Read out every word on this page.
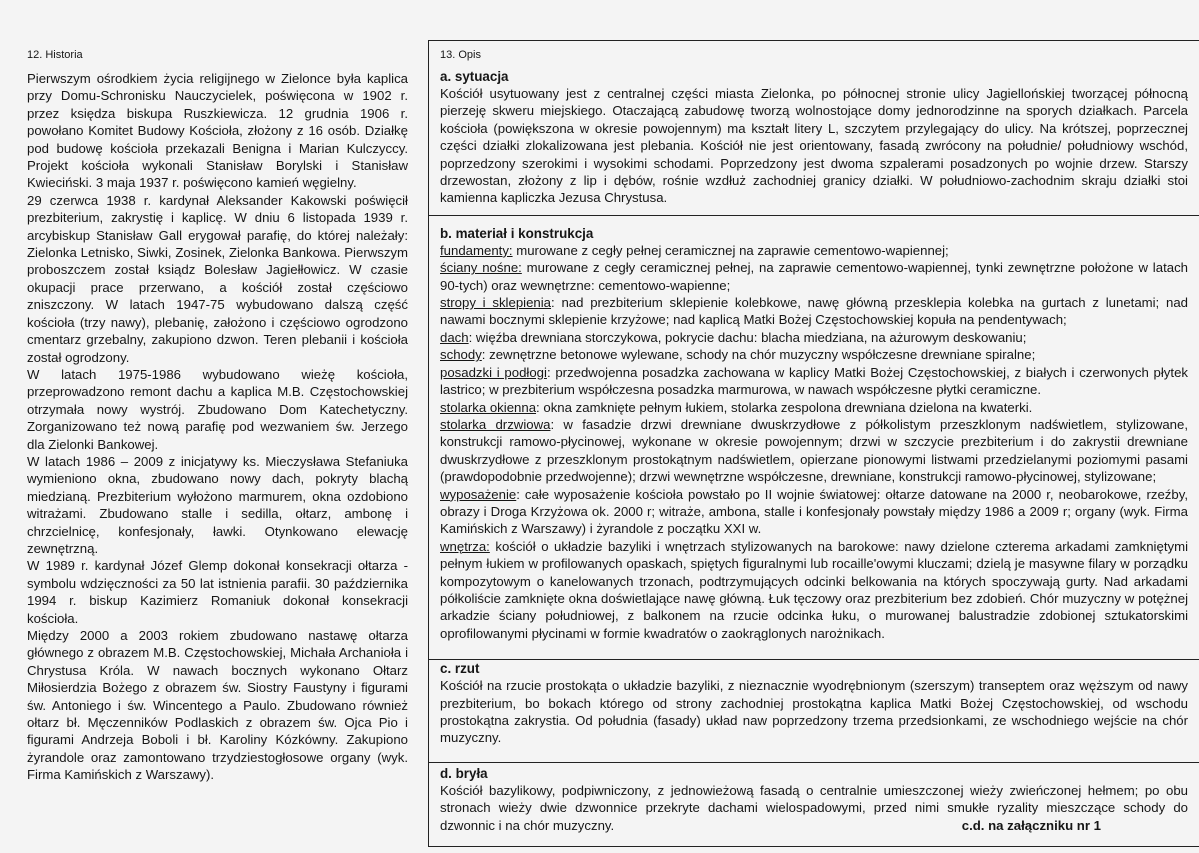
12. Historia

Pierwszym ośrodkiem życia religijnego w Zielonce była kaplica przy Domu-Schronisku Nauczycielek, poświęcona w 1902 r. przez księdza biskupa Ruszkiewicza. 12 grudnia 1906 r. powołano Komitet Budowy Kościoła, złożony z 16 osób. Działkę pod budowę kościoła przekazali Benigna i Marian Kulczyccy. Projekt kościoła wykonali Stanisław Borylski i Stanisław Kwieciński. 3 maja 1937 r. poświęcono kamień węgielny.

29 czerwca 1938 r. kardynał Aleksander Kakowski poświęcił prezbiterium, zakrystię i kaplicę. W dniu 6 listopada 1939 r. arcybiskup Stanisław Gall erygował parafię, do której należały: Zielonka Letnisko, Siwki, Zosinek, Zielonka Bankowa. Pierwszym proboszczem został ksiądz Bolesław Jagiełłowicz. W czasie okupacji prace przerwano, a kościół został częściowo zniszczony. W latach 1947-75 wybudowano dalszą część kościoła (trzy nawy), plebanię, założono i częściowo ogrodzono cmentarz grzebalny, zakupiono dzwon. Teren plebanii i kościoła został ogrodzony.

W latach 1975-1986 wybudowano wieżę kościoła, przeprowadzono remont dachu a kaplica M.B. Częstochowskiej otrzymała nowy wystrój. Zbudowano Dom Katechetyczny. Zorganizowano też nową parafię pod wezwaniem św. Jerzego dla Zielonki Bankowej.

W latach 1986 – 2009 z inicjatywy ks. Mieczysława Stefaniuka wymieniono okna, zbudowano nowy dach, pokryty blachą miedzianą. Prezbiterium wyłożono marmurem, okna ozdobiono witrażami. Zbudowano stalle i sedilla, ołtarz, ambonę i chrzcielnicę, konfesjonały, ławki. Otynkowano elewację zewnętrzną.

W 1989 r. kardynał Józef Glemp dokonał konsekracji ołtarza - symbolu wdzięczności za 50 lat istnienia parafii. 30 października 1994 r. biskup Kazimierz Romaniuk dokonał konsekracji kościoła.

Między 2000 a 2003 rokiem zbudowano nastawę ołtarza głównego z obrazem M.B. Częstochowskiej, Michała Archanioła i Chrystusa Króla. W nawach bocznych wykonano Ołtarz Miłosierdzia Bożego z obrazem św. Siostry Faustyny i figurami św. Antoniego i św. Wincentego a Paulo. Zbudowano również ołtarz bł. Męczenników Podlaskich z obrazem św. Ojca Pio i figurami Andrzeja Boboli i bł. Karoliny Kózkówny. Zakupiono żyrandole oraz zamontowano trzydziestogłosowe organy (wyk. Firma Kamińskich z Warszawy).

13. Opis
a. sytuacja

Kościół usytuowany jest z centralnej części miasta Zielonka, po północnej stronie ulicy Jagiellońskiej tworzącej północną pierzeję skweru miejskiego. Otaczającą zabudowę tworzą wolnostojące domy jednorodzinne na sporych działkach. Parcela kościoła (powiększona w okresie powojennym) ma kształt litery L, szczytem przylegający do ulicy. Na krótszej, poprzecznej części działki zlokalizowana jest plebania. Kościół nie jest orientowany, fasadą zwrócony na południe/ południowy wschód, poprzedzony szerokimi i wysokimi schodami. Poprzedzony jest dwoma szpalerami posadzonych po wojnie drzew. Starszy drzewostan, złożony z lip i dębów, rośnie wzdłuż zachodniej granicy działki. W południowo-zachodnim skraju działki stoi kamienna kapliczka Jezusa Chrystusa.

b. materiał i konstrukcja

fundamenty: murowane z cegły pełnej ceramicznej na zaprawie cementowo-wapiennej;

ściany nośne: murowane z cegły ceramicznej pełnej, na zaprawie cementowo-wapiennej, tynki zewnętrzne położone w latach 90-tych) oraz wewnętrzne: cementowo-wapienne;

stropy i sklepienia: nad prezbiterium sklepienie kolebkowe, nawę główną przesklepia kolebka na gurtach z lunetami; nad nawami bocznymi sklepienie krzyżowe; nad kaplicą Matki Bożej Częstochowskiej kopuła na pendentywach;

dach: więźba drewniana storczykowa, pokrycie dachu: blacha miedziana, na ażurowym deskowaniu;

schody: zewnętrzne betonowe wylewane, schody na chór muzyczny współczesne drewniane spiralne;

posadzki i podłogi: przedwojenna posadzka zachowana w kaplicy Matki Bożej Częstochowskiej, z białych i czerwonych płytek lastrico; w prezbiterium współczesna posadzka marmurowa, w nawach współczesne płytki ceramiczne.

stolarka okienna: okna zamknięte pełnym łukiem, stolarka zespolona drewniana dzielona na kwaterki.

stolarka drzwiowa: w fasadzie drzwi drewniane dwuskrzydłowe z półkolistym przeszklonym nadświetlem, stylizowane, konstrukcji ramowo-płycinowej, wykonane w okresie powojennym; drzwi w szczycie prezbiterium i do zakrystii drewniane dwuskrzydłowe z przeszklonym prostokątnym nadświetlem, opierzane pionowymi listwami przedzielanymi poziomymi pasami (prawdopodobnie przedwojenne); drzwi wewnętrzne współczesne, drewniane, konstrukcji ramowo-płycinowej, stylizowane;

wyposażenie: całe wyposażenie kościoła powstało po II wojnie światowej: ołtarze datowane na 2000 r, neobarokowe, rzeźby, obrazy i Droga Krzyżowa ok. 2000 r; witraże, ambona, stalle i konfesjonały powstały między 1986 a 2009 r; organy (wyk. Firma Kamińskich z Warszawy) i żyrandole z początku XXI w.

wnętrza: kościół o układzie bazyliki i wnętrzach stylizowanych na barokowe: nawy dzielone czterema arkadami zamkniętymi pełnym łukiem w profilowanych opaskach, spiętych figuralnymi lub rocaille'owymi kluczami; dzielą je masywne filary w porządku kompozytowym o kanelowanych trzonach, podtrzymujących odcinki belkowania na których spoczywają gurty. Nad arkadami półkoliście zamknięte okna doświetlające nawę główną. Łuk tęczowy oraz prezbiterium bez zdobień. Chór muzyczny w potężnej arkadzie ściany południowej, z balkonem na rzucie odcinka łuku, o murowanej balustradzie zdobionej sztukatorskimi oprofilowanymi płycinami w formie kwadratów o zaokrąglonych narożnikach.

c. rzut

Kościół na rzucie prostokąta o układzie bazyliki, z nieznacznie wyodrębnionym (szerszym) transeptem oraz węższym od nawy prezbiterium, bo bokach którego od strony zachodniej prostokątna kaplica Matki Bożej Częstochowskiej, od wschodu prostokątna zakrystia. Od południa (fasady) układ naw poprzedzony trzema przedsionkami, ze wschodniego wejście na chór muzyczny.

d. bryła

Kościół bazylikowy, podpiwniczony, z jednowieżową fasadą o centralnie umieszczonej wieży zwieńczonej hełmem; po obu stronach wieży dwie dzwonnice przekryte dachami wielospadowymi, przed nimi smukłe ryzality mieszczące schody do dzwonnic i na chór muzyczny.	c.d. na załączniku nr 1
